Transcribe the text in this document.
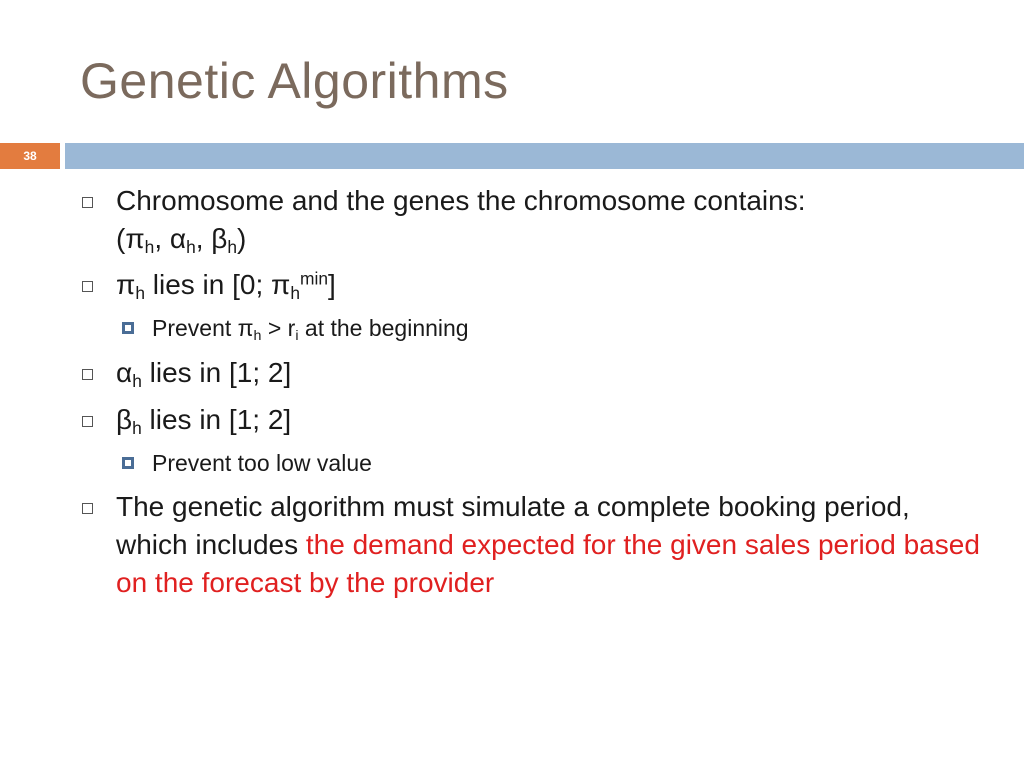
Genetic Algorithms
38
Chromosome and the genes the chromosome contains:
($\pi_h$, $\alpha_h$, $\beta_h$)
$\pi_h$ lies in [0; $\pi_h^{min}$]
Prevent $\pi_h > r_i$ at the beginning
$\alpha_h$ lies in [1; 2]
$\beta_h$ lies in [1; 2]
Prevent too low value
The genetic algorithm must simulate a complete booking period, which includes the demand expected for the given sales period based on the forecast by the provider
